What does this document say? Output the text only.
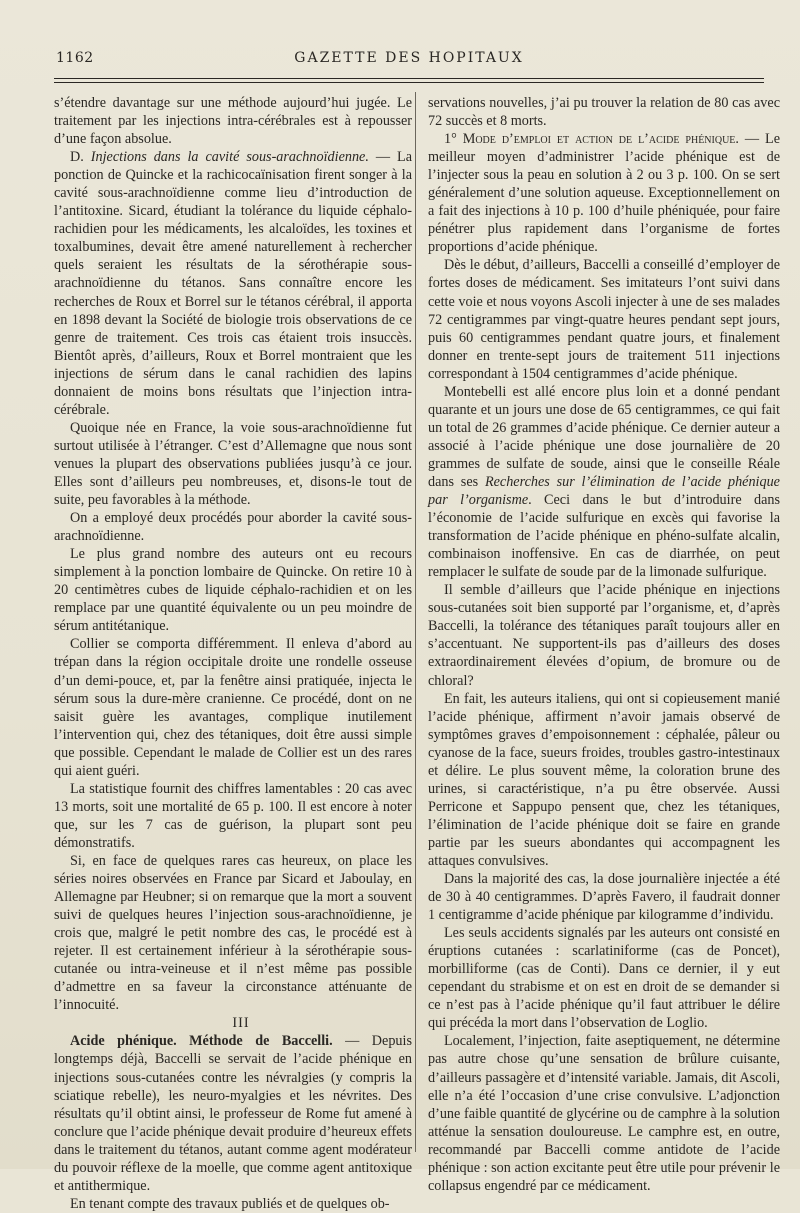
1162	GAZETTE DES HOPITAUX

s’étendre davantage sur une méthode aujourd’hui jugée. Le traitement par les injections intra-cérébrales est à repousser d’une façon absolue.

D. Injections dans la cavité sous-arachnoïdienne. — La ponction de Quincke et la rachicocaïnisation firent songer à la cavité sous-arachnoïdienne comme lieu d’introduction de l’antitoxine. Sicard, étudiant la tolérance du liquide céphalo-rachidien pour les médicaments, les alcaloïdes, les toxines et toxalbumines, devait être amené naturellement à rechercher quels seraient les résultats de la sérothérapie sous-arachnoïdienne du tétanos. Sans connaître encore les recherches de Roux et Borrel sur le tétanos cérébral, il apporta en 1898 devant la Société de biologie trois observations de ce genre de traitement. Ces trois cas étaient trois insuccès. Bientôt après, d’ailleurs, Roux et Borrel montraient que les injections de sérum dans le canal rachidien des lapins donnaient de moins bons résultats que l’injection intra-cérébrale.

Quoique née en France, la voie sous-arachnoïdienne fut surtout utilisée à l’étranger. C’est d’Allemagne que nous sont venues la plupart des observations publiées jusqu’à ce jour. Elles sont d’ailleurs peu nombreuses, et, disons-le tout de suite, peu favorables à la méthode.

On a employé deux procédés pour aborder la cavité sous-arachnoïdienne.

Le plus grand nombre des auteurs ont eu recours simplement à la ponction lombaire de Quincke. On retire 10 à 20 centimètres cubes de liquide céphalo-rachidien et on les remplace par une quantité équivalente ou un peu moindre de sérum antitétanique.

Collier se comporta différemment. Il enleva d’abord au trépan dans la région occipitale droite une rondelle osseuse d’un demi-pouce, et, par la fenêtre ainsi pratiquée, injecta le sérum sous la dure-mère cranienne. Ce procédé, dont on ne saisit guère les avantages, complique inutilement l’intervention qui, chez des tétaniques, doit être aussi simple que possible. Cependant le malade de Collier est un des rares qui aient guéri.

La statistique fournit des chiffres lamentables : 20 cas avec 13 morts, soit une mortalité de 65 p. 100. Il est encore à noter que, sur les 7 cas de guérison, la plupart sont peu démonstratifs.

Si, en face de quelques rares cas heureux, on place les séries noires observées en France par Sicard et Jaboulay, en Allemagne par Heubner; si on remarque que la mort a souvent suivi de quelques heures l’injection sous-arachnoïdienne, je crois que, malgré le petit nombre des cas, le procédé est à rejeter. Il est certainement inférieur à la sérothérapie sous-cutanée ou intra-veineuse et il n’est même pas possible d’admettre en sa faveur la circonstance atténuante de l’innocuité.

III

Acide phénique. Méthode de Baccelli. — Depuis longtemps déjà, Baccelli se servait de l’acide phénique en injections sous-cutanées contre les névralgies (y compris la sciatique rebelle), les neuro-myalgies et les névrites. Des résultats qu’il obtint ainsi, le professeur de Rome fut amené à conclure que l’acide phénique devait produire d’heureux effets dans le traitement du tétanos, autant comme agent modérateur du pouvoir réflexe de la moelle, que comme agent antitoxique et antithermique.

En tenant compte des travaux publiés et de quelques ob-

servations nouvelles, j’ai pu trouver la relation de 80 cas avec 72 succès et 8 morts.

1° Mode d’emploi et action de l’acide phénique. — Le meilleur moyen d’administrer l’acide phénique est de l’injecter sous la peau en solution à 2 ou 3 p. 100. On se sert généralement d’une solution aqueuse. Exceptionnellement on a fait des injections à 10 p. 100 d’huile phéniquée, pour faire pénétrer plus rapidement dans l’organisme de fortes proportions d’acide phénique.

Dès le début, d’ailleurs, Baccelli a conseillé d’employer de fortes doses de médicament. Ses imitateurs l’ont suivi dans cette voie et nous voyons Ascoli injecter à une de ses malades 72 centigrammes par vingt-quatre heures pendant sept jours, puis 60 centigrammes pendant quatre jours, et finalement donner en trente-sept jours de traitement 511 injections correspondant à 1504 centigrammes d’acide phénique.

Montebelli est allé encore plus loin et a donné pendant quarante et un jours une dose de 65 centigrammes, ce qui fait un total de 26 grammes d’acide phénique. Ce dernier auteur a associé à l’acide phénique une dose journalière de 20 grammes de sulfate de soude, ainsi que le conseille Réale dans ses Recherches sur l’élimination de l’acide phénique par l’organisme. Ceci dans le but d’introduire dans l’économie de l’acide sulfurique en excès qui favorise la transformation de l’acide phénique en phéno-sulfate alcalin, combinaison inoffensive. En cas de diarrhée, on peut remplacer le sulfate de soude par de la limonade sulfurique.

Il semble d’ailleurs que l’acide phénique en injections sous-cutanées soit bien supporté par l’organisme, et, d’après Baccelli, la tolérance des tétaniques paraît toujours aller en s’accentuant. Ne supportent-ils pas d’ailleurs des doses extraordinairement élevées d’opium, de bromure ou de chloral?

En fait, les auteurs italiens, qui ont si copieusement manié l’acide phénique, affirment n’avoir jamais observé de symptômes graves d’empoisonnement : céphalée, pâleur ou cyanose de la face, sueurs froides, troubles gastro-intestinaux et délire. Le plus souvent même, la coloration brune des urines, si caractéristique, n’a pu être observée. Aussi Perricone et Sappupo pensent que, chez les tétaniques, l’élimination de l’acide phénique doit se faire en grande partie par les sueurs abondantes qui accompagnent les attaques convulsives.

Dans la majorité des cas, la dose journalière injectée a été de 30 à 40 centigrammes. D’après Favero, il faudrait donner 1 centigramme d’acide phénique par kilogramme d’individu.

Les seuls accidents signalés par les auteurs ont consisté en éruptions cutanées : scarlatiniforme (cas de Poncet), morbilliforme (cas de Conti). Dans ce dernier, il y eut cependant du strabisme et on est en droit de se demander si ce n’est pas à l’acide phénique qu’il faut attribuer le délire qui précéda la mort dans l’observation de Loglio.

Localement, l’injection, faite aseptiquement, ne détermine pas autre chose qu’une sensation de brûlure cuisante, d’ailleurs passagère et d’intensité variable. Jamais, dit Ascoli, elle n’a été l’occasion d’une crise convulsive. L’adjonction d’une faible quantité de glycérine ou de camphre à la solution atténue la sensation douloureuse. Le camphre est, en outre, recommandé par Baccelli comme antidote de l’acide phénique : son action excitante peut être utile pour prévenir le collapsus engendré par ce médicament.
